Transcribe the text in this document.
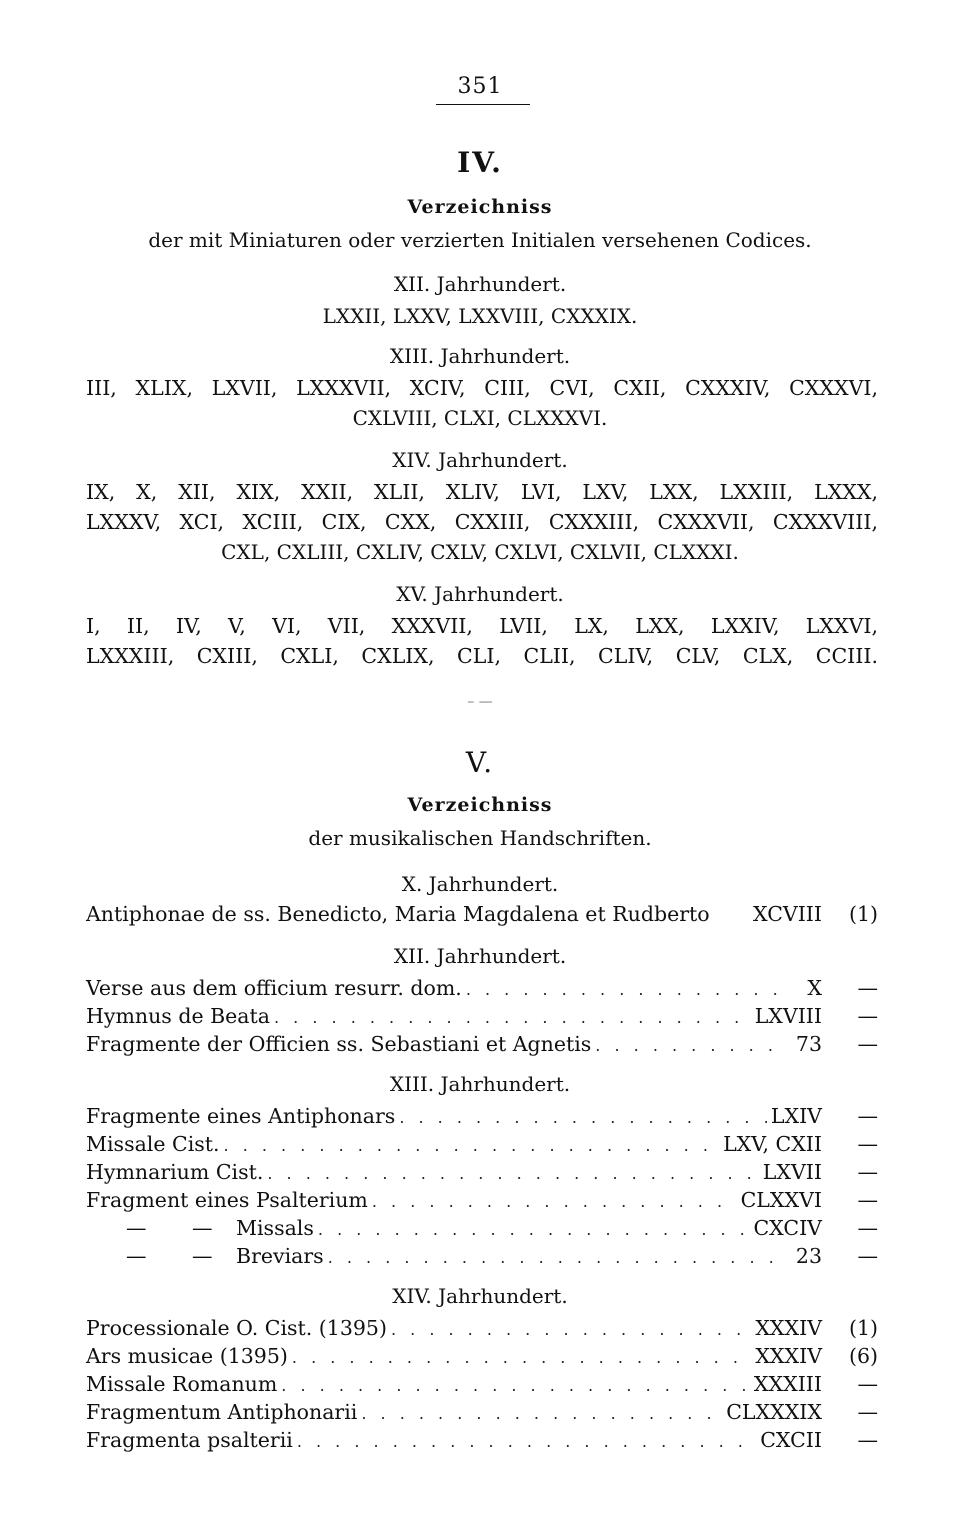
351
IV.
Verzeichniss
der mit Miniaturen oder verzierten Initialen versehenen Codices.
XII. Jahrhundert.
LXXII, LXXV, LXXVIII, CXXXIX.
XIII. Jahrhundert.
III, XLIX, LXVII, LXXXVII, XCIV, CIII, CVI, CXII, CXXXIV, CXXXVI,
CXLVIII, CLXI, CLXXXVI.
XIV. Jahrhundert.
IX, X, XII, XIX, XXII, XLII, XLIV, LVI, LXV, LXX, LXXIII, LXXX,
LXXXV, XCI, XCIII, CIX, CXX, CXXIII, CXXXIII, CXXXVII, CXXXVIII,
CXL, CXLIII, CXLIV, CXLV, CXLVI, CXLVII, CLXXXI.
XV. Jahrhundert.
I, II, IV, V, VI, VII, XXXVII, LVII, LX, LXX, LXXIV, LXXVI,
LXXXIII, CXIII, CXLI, CXLIX, CLI, CLII, CLIV, CLV, CLX, CCIII.
– —
V.
Verzeichniss
der musikalischen Handschriften.
X. Jahrhundert.
Antiphonae de ss. Benedicto, Maria Magdalena et Rudberto XCVIII	(1)
XII. Jahrhundert.
Verse aus dem officium resurr. dom. . . .	X	—
Hymnus de Beata . . .	LXVIII	—
Fragmente der Officien ss. Sebastiani et Agnetis . . .	73	—
XIII. Jahrhundert.
Fragmente eines Antiphonars . . .	LXIV	—
Missale Cist. . . .	LXV, CXII	—
Hymnarium Cist. . . .	LXVII	—
Fragment eines Psalterium . . .	CLXXVI	—
— — Missals . . .	CXCIV	—
— — Breviars . . .	23	—
XIV. Jahrhundert.
Processionale O. Cist. (1395) . . .	XXXIV	(1)
Ars musicae (1395) . . .	XXXIV	(6)
Missale Romanum . . .	XXXIII	—
Fragmentum Antiphonarii . . .	CLXXXIX	—
Fragmenta psalterii . . .	CXCII	—
